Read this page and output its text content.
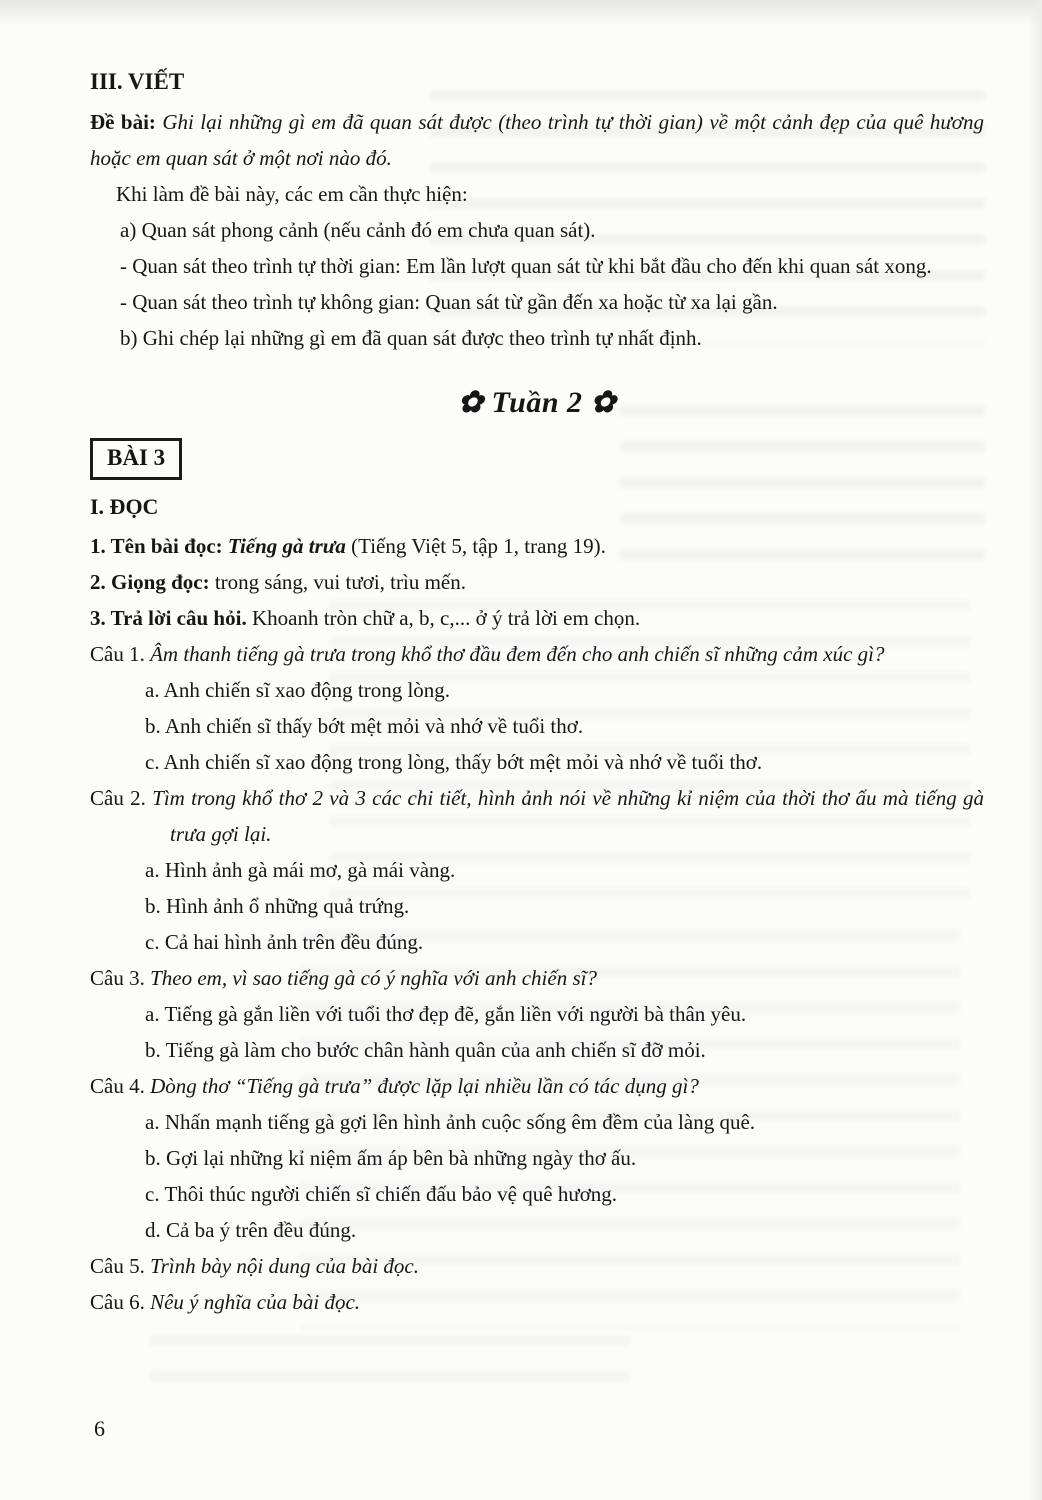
III. VIẾT

Đề bài: Ghi lại những gì em đã quan sát được (theo trình tự thời gian) về một cảnh đẹp của quê hương hoặc em quan sát ở một nơi nào đó.

Khi làm đề bài này, các em cần thực hiện:

a) Quan sát phong cảnh (nếu cảnh đó em chưa quan sát).

- Quan sát theo trình tự thời gian: Em lần lượt quan sát từ khi bắt đầu cho đến khi quan sát xong.

- Quan sát theo trình tự không gian: Quan sát từ gần đến xa hoặc từ xa lại gần.

b) Ghi chép lại những gì em đã quan sát được theo trình tự nhất định.

✿ Tuần 2 ✿
BÀI 3

I. ĐỌC

1. Tên bài đọc: Tiếng gà trưa (Tiếng Việt 5, tập 1, trang 19).

2. Giọng đọc: trong sáng, vui tươi, trìu mến.

3. Trả lời câu hỏi. Khoanh tròn chữ a, b, c,... ở ý trả lời em chọn.

Câu 1. Âm thanh tiếng gà trưa trong khổ thơ đầu đem đến cho anh chiến sĩ những cảm xúc gì?

a. Anh chiến sĩ xao động trong lòng.

b. Anh chiến sĩ thấy bớt mệt mỏi và nhớ về tuổi thơ.

c. Anh chiến sĩ xao động trong lòng, thấy bớt mệt mỏi và nhớ về tuổi thơ.

Câu 2. Tìm trong khổ thơ 2 và 3 các chi tiết, hình ảnh nói về những kỉ niệm của thời thơ ấu mà tiếng gà trưa gợi lại.

a. Hình ảnh gà mái mơ, gà mái vàng.

b. Hình ảnh ổ những quả trứng.

c. Cả hai hình ảnh trên đều đúng.

Câu 3. Theo em, vì sao tiếng gà có ý nghĩa với anh chiến sĩ?

a. Tiếng gà gắn liền với tuổi thơ đẹp đẽ, gắn liền với người bà thân yêu.

b. Tiếng gà làm cho bước chân hành quân của anh chiến sĩ đỡ mỏi.

Câu 4. Dòng thơ “Tiếng gà trưa” được lặp lại nhiều lần có tác dụng gì?

a. Nhấn mạnh tiếng gà gợi lên hình ảnh cuộc sống êm đềm của làng quê.

b. Gợi lại những kỉ niệm ấm áp bên bà những ngày thơ ấu.

c. Thôi thúc người chiến sĩ chiến đấu bảo vệ quê hương.

d. Cả ba ý trên đều đúng.

Câu 5. Trình bày nội dung của bài đọc.

Câu 6. Nêu ý nghĩa của bài đọc.

6
